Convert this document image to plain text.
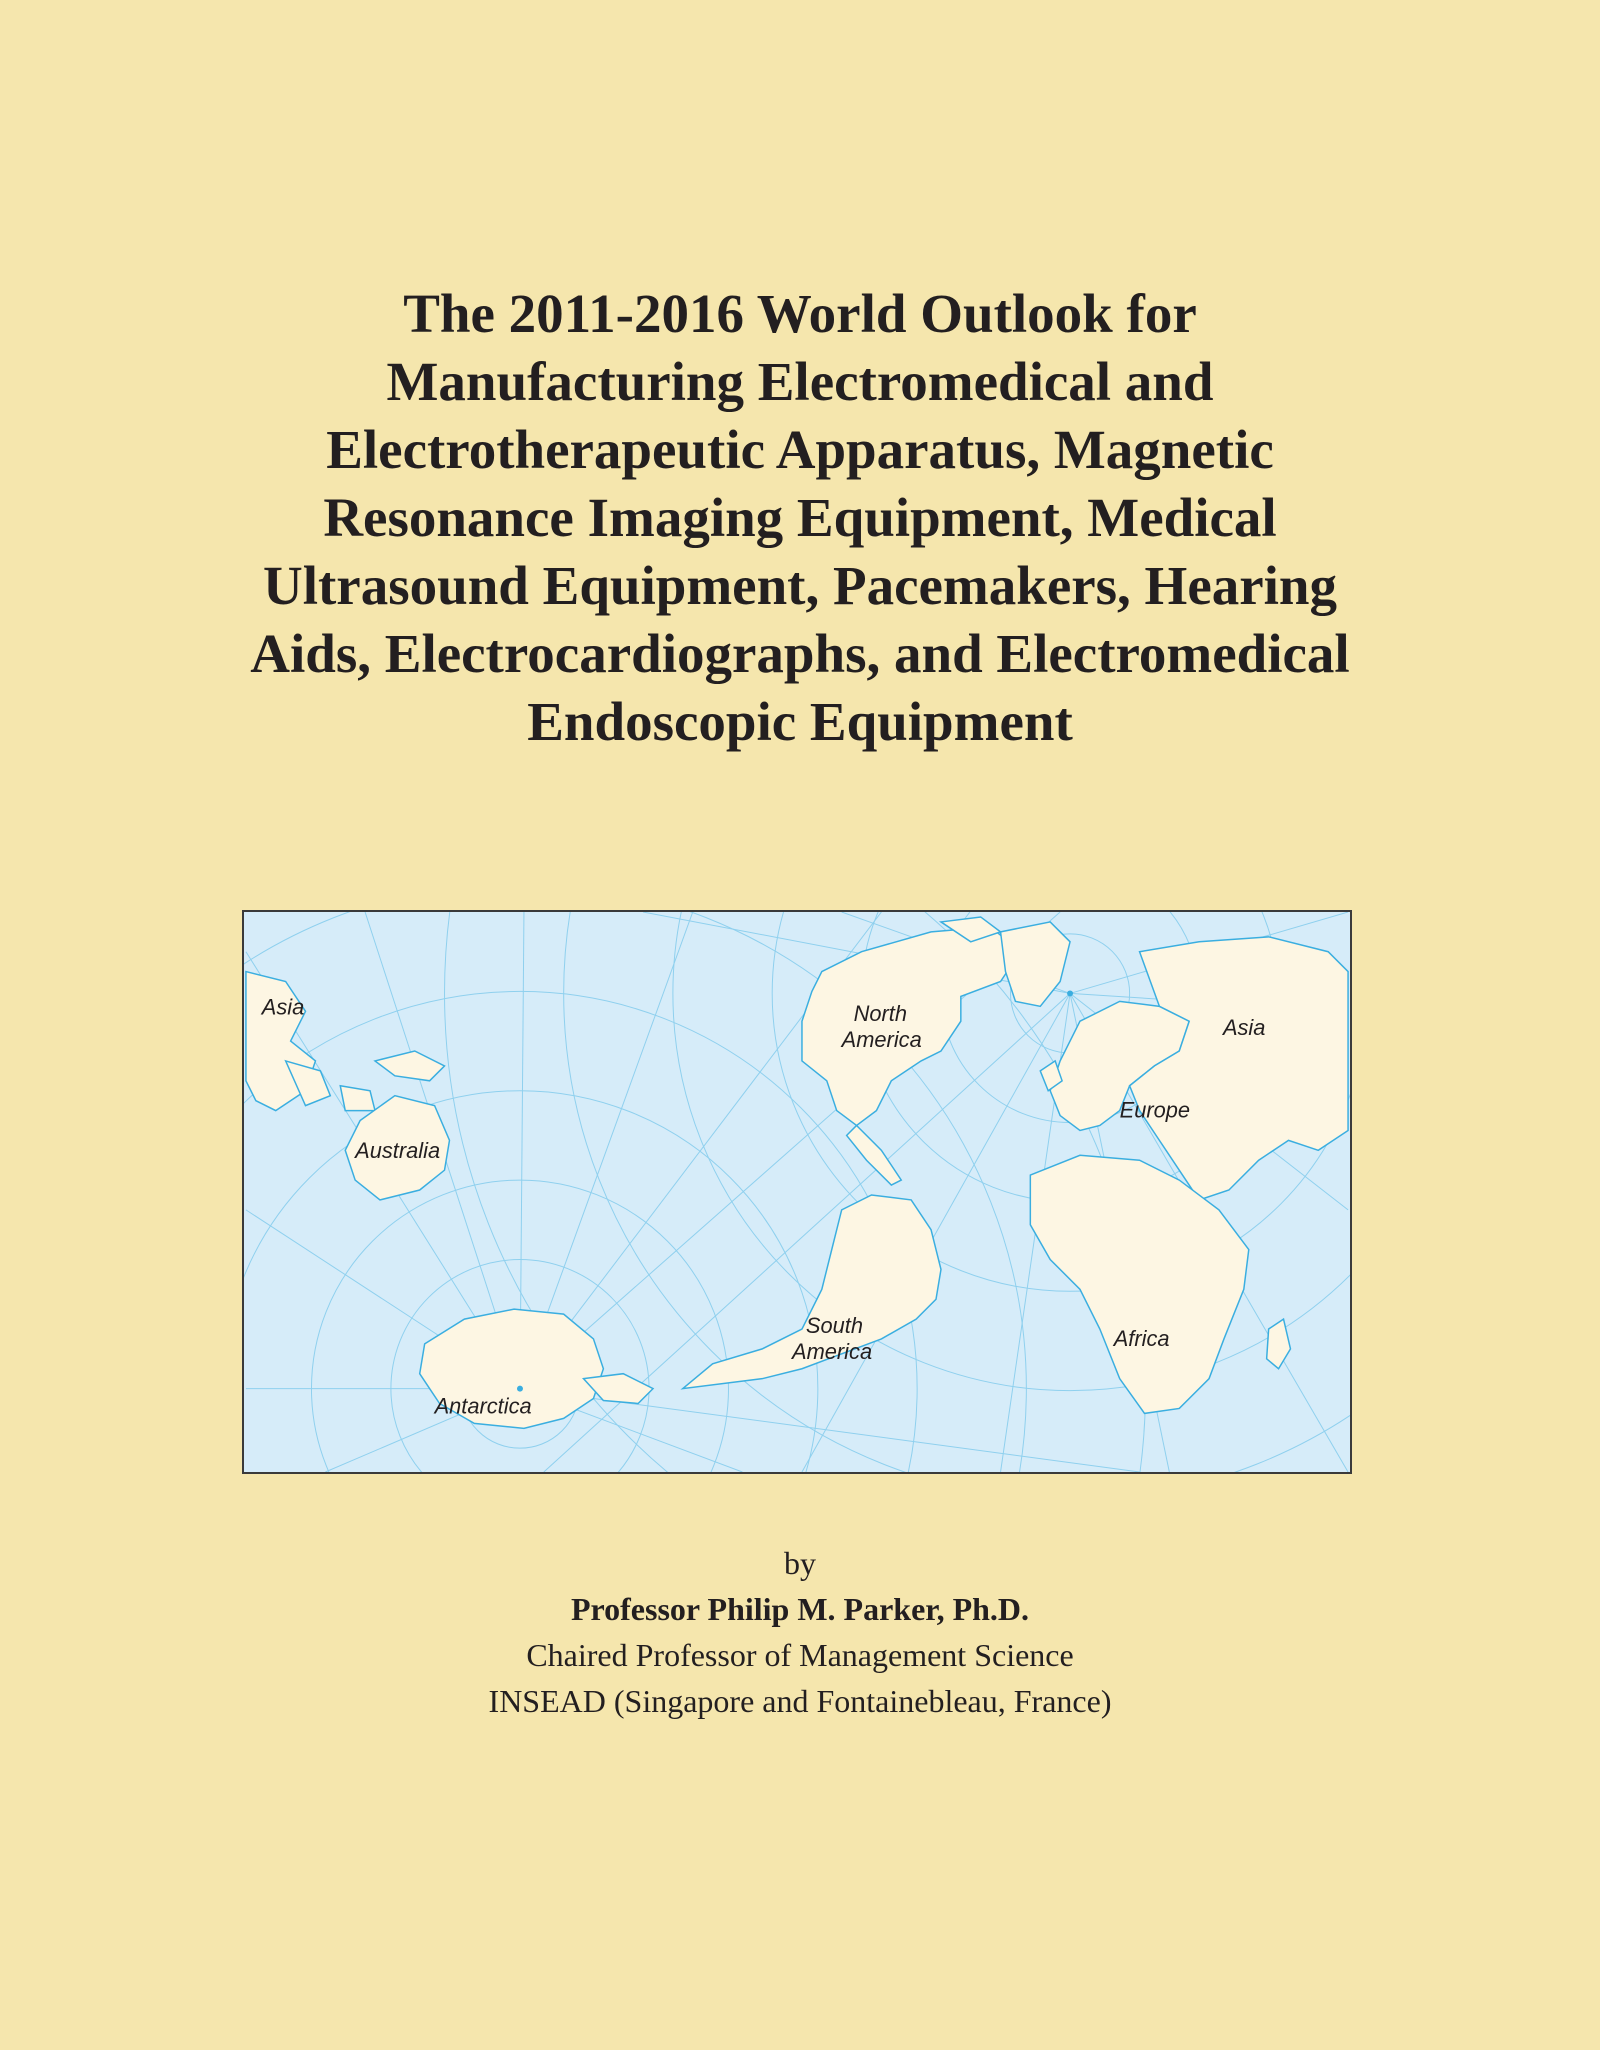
The 2011-2016 World Outlook for
Manufacturing Electromedical and
Electrotherapeutic Apparatus, Magnetic
Resonance Imaging Equipment, Medical
Ultrasound Equipment, Pacemakers, Hearing
Aids, Electrocardiographs, and Electromedical
Endoscopic Equipment
Asia
Australia
Antarctica
North
America
South
America
Europe
Asia
Africa
by
Professor Philip M. Parker, Ph.D.
Chaired Professor of Management Science
INSEAD (Singapore and Fontainebleau, France)
